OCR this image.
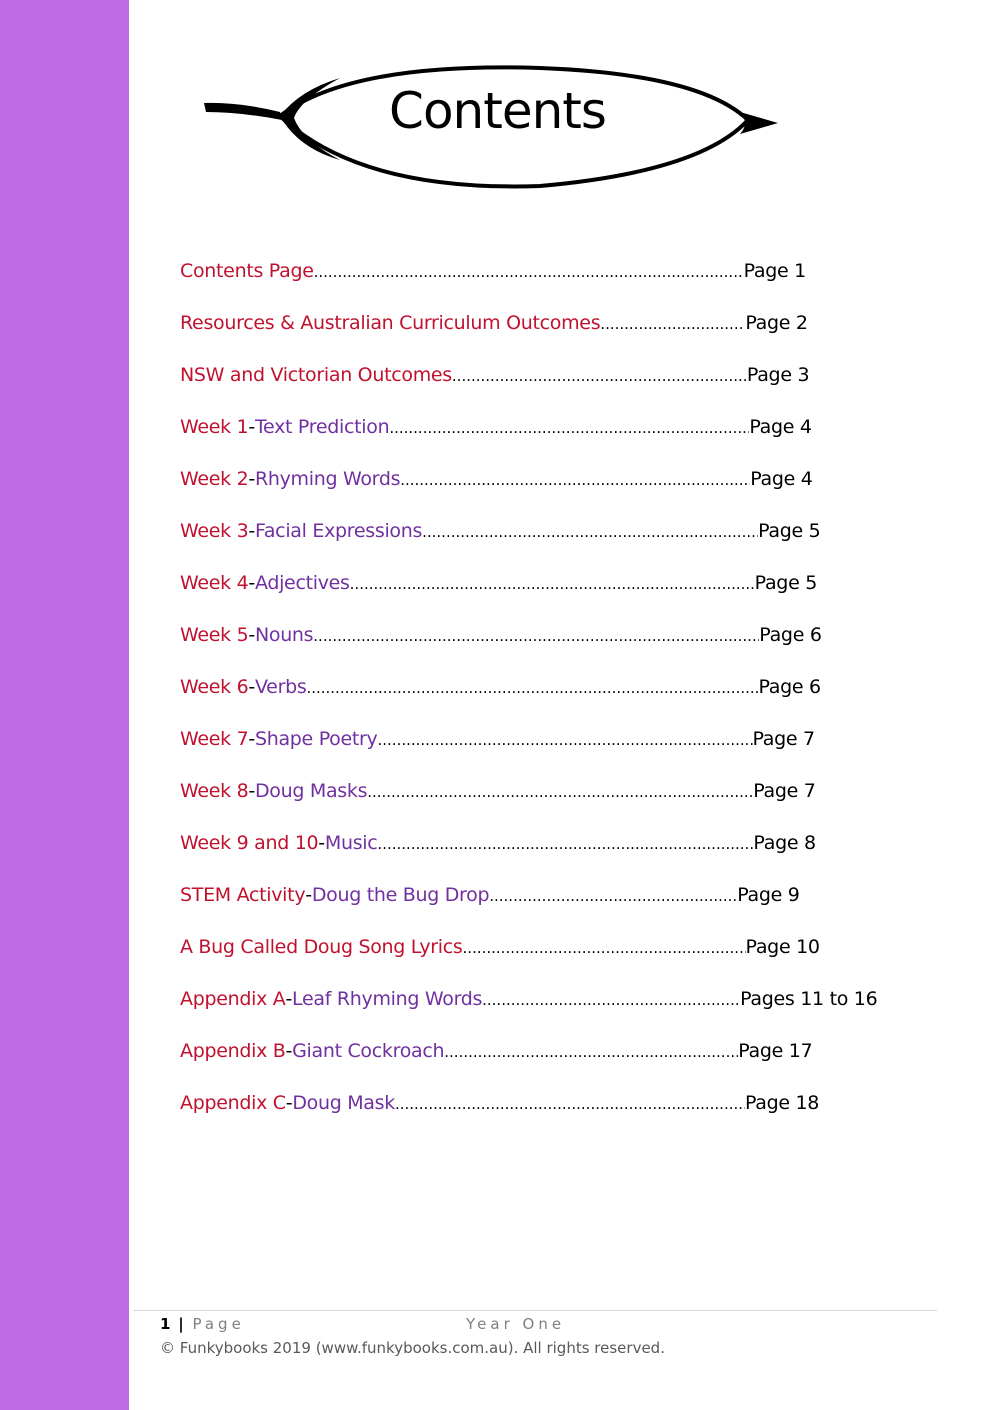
Contents
Contents Page .....	Page 1
Resources & Australian Curriculum Outcomes .....	Page 2
NSW and Victorian Outcomes .....	Page 3
Week 1 - Text Prediction .....	Page 4
Week 2 - Rhyming Words .....	Page 4
Week 3 - Facial Expressions .....	Page 5
Week 4 - Adjectives .....	Page 5
Week 5 - Nouns .....	Page 6
Week 6 - Verbs .....	Page 6
Week 7 - Shape Poetry .....	Page 7
Week 8 - Doug Masks .....	Page 7
Week 9 and 10 - Music .....	Page 8
STEM Activity - Doug the Bug Drop .....	Page 9
A Bug Called Doug Song Lyrics .....	Page 10
Appendix A - Leaf Rhyming Words .....	Pages 11 to 16
Appendix B - Giant Cockroach .....	Page 17
Appendix C - Doug Mask .....	Page 18
1 | Page	Year One
© Funkybooks 2019 (www.funkybooks.com.au). All rights reserved.
